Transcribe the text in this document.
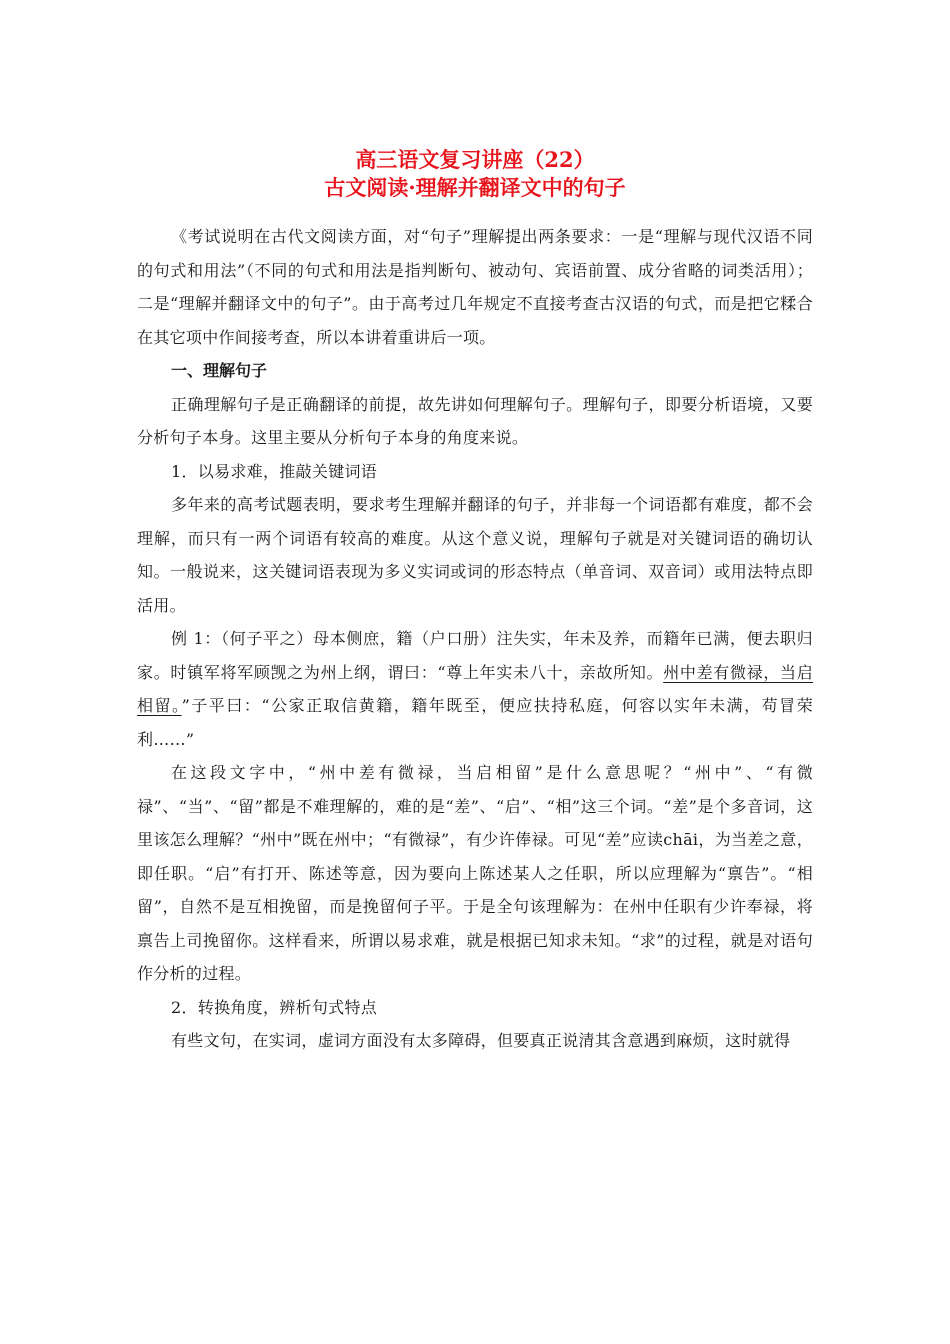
高三语文复习讲座（22）

古文阅读·理解并翻译文中的句子

《考试说明在古代文阅读方面，对“句子”理解提出两条要求：一是“理解与现代汉语不同的句式和用法”（不同的句式和用法是指判断句、被动句、宾语前置、成分省略的词类活用）；二是“理解并翻译文中的句子”。由于高考过几年规定不直接考查古汉语的句式，而是把它糅合在其它项中作间接考查，所以本讲着重讲后一项。

一、理解句子

正确理解句子是正确翻译的前提，故先讲如何理解句子。理解句子，即要分析语境，又要分析句子本身。这里主要从分析句子本身的角度来说。

1．以易求难，推敲关键词语

多年来的高考试题表明，要求考生理解并翻译的句子，并非每一个词语都有难度，都不会理解，而只有一两个词语有较高的难度。从这个意义说，理解句子就是对关键词语的确切认知。一般说来，这关键词语表现为多义实词或词的形态特点（单音词、双音词）或用法特点即活用。

例 1：（何子平之）母本侧庶，籍（户口册）注失实，年未及养，而籍年已满，便去职归家。时镇军将军顾觊之为州上纲，谓曰：“尊上年实未八十，亲故所知。州中差有微禄，当启相留。”子平曰：“公家正取信黄籍，籍年既至，便应扶持私庭，何容以实年未满，苟冒荣利……”

在这段文字中，“州中差有微禄，当启相留”是什么意思呢？“州中”、“有微禄”、“当”、“留”都是不难理解的，难的是“差”、“启”、“相”这三个词。“差”是个多音词，这里该怎么理解？“州中”既在州中；“有微禄”，有少许俸禄。可见“差”应读chāi，为当差之意，即任职。“启”有打开、陈述等意，因为要向上陈述某人之任职，所以应理解为“禀告”。“相留”，自然不是互相挽留，而是挽留何子平。于是全句该理解为：在州中任职有少许奉禄，将禀告上司挽留你。这样看来，所谓以易求难，就是根据已知求未知。“求”的过程，就是对语句作分析的过程。

2．转换角度，辨析句式特点

有些文句，在实词，虚词方面没有太多障碍，但要真正说清其含意遇到麻烦，这时就得
